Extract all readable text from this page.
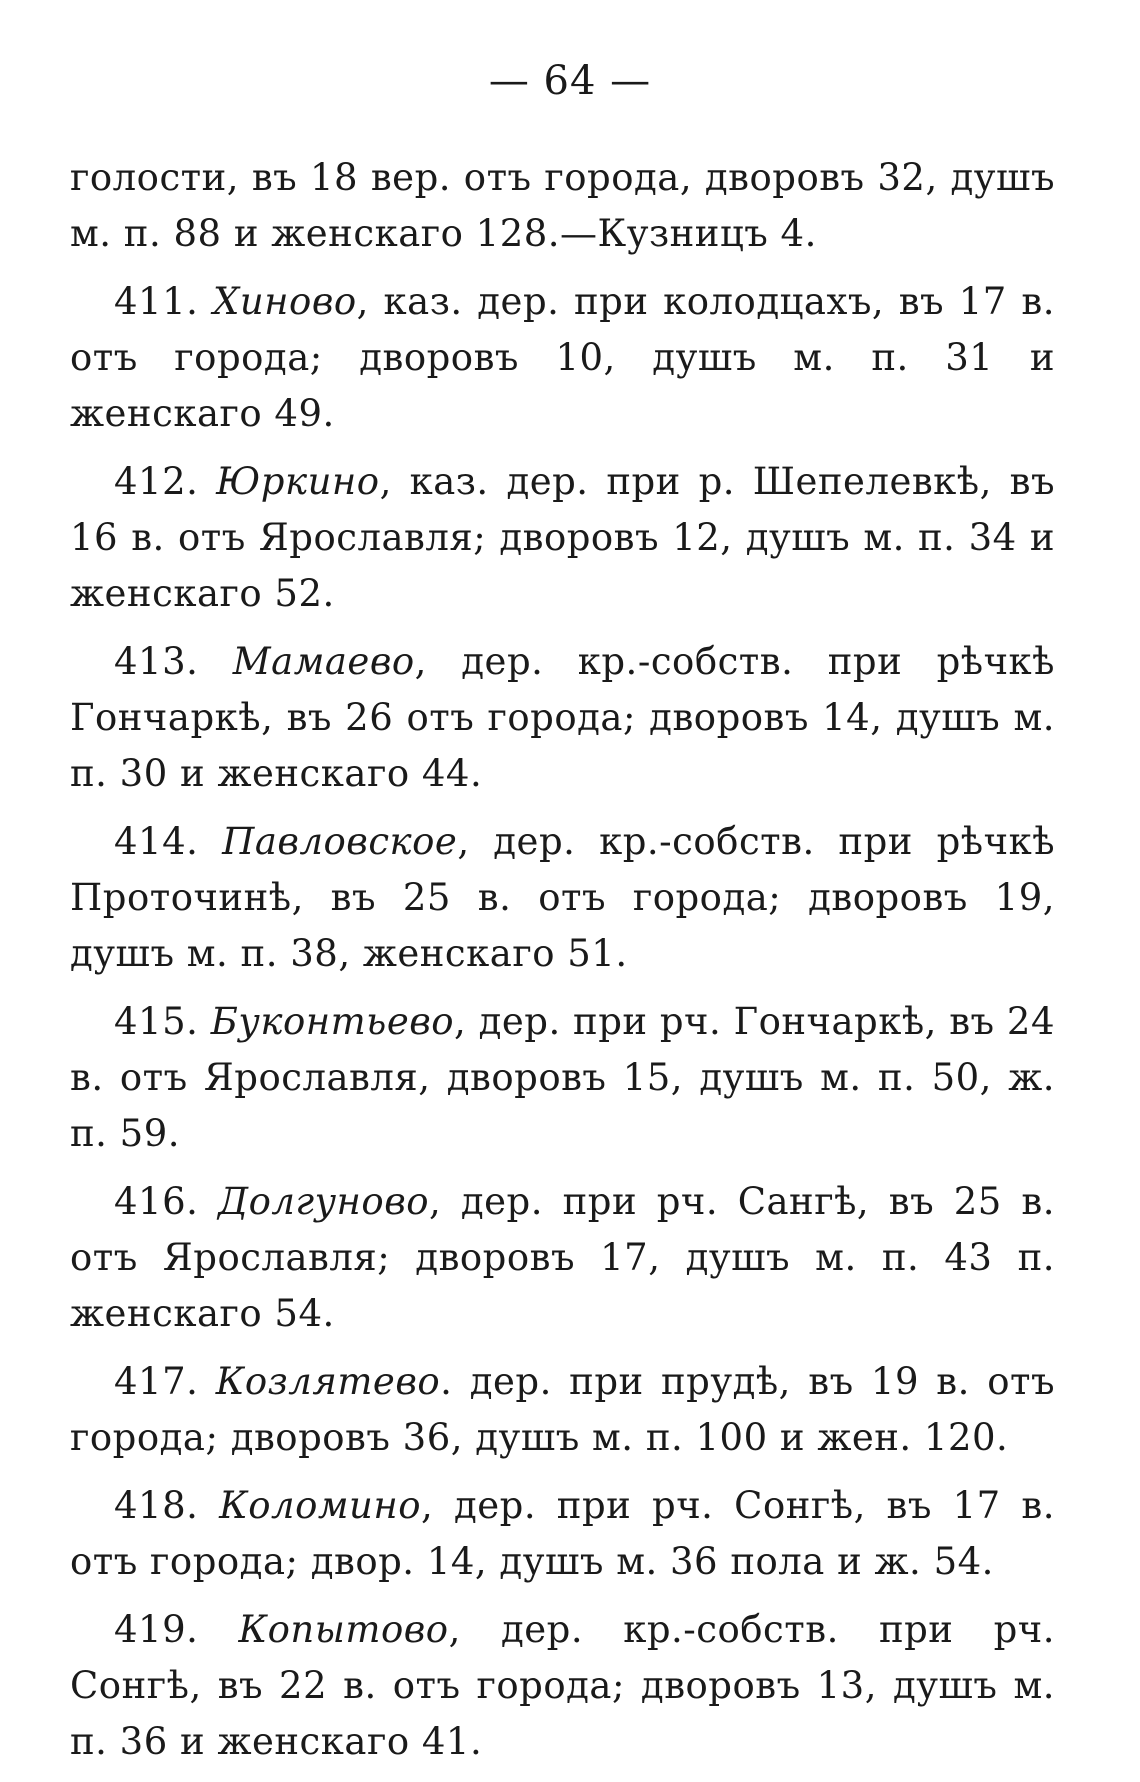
— 64 —

голости, въ 18 вер. отъ города, дворовъ 32, душъ м. п. 88 и женскаго 128.—Кузницъ 4.

411. Хиново, каз. дер. при колодцахъ, въ 17 в. отъ города; дворовъ 10, душъ м. п. 31 и женскаго 49.

412. Юркино, каз. дер. при р. Шепелевкѣ, въ 16 в. отъ Ярославля; дворовъ 12, душъ м. п. 34 и женскаго 52.

413. Мамаево, дер. кр.-собств. при рѣчкѣ Гончаркѣ, въ 26 отъ города; дворовъ 14, душъ м. п. 30 и женскаго 44.

414. Павловское, дер. кр.-собств. при рѣчкѣ Проточинѣ, въ 25 в. отъ города; дворовъ 19, душъ м. п. 38, женскаго 51.

415. Буконтьево, дер. при рч. Гончаркѣ, въ 24 в. отъ Ярославля, дворовъ 15, душъ м. п. 50, ж. п. 59.

416. Долгуново, дер. при рч. Сангѣ, въ 25 в. отъ Ярославля; дворовъ 17, душъ м. п. 43 п. женскаго 54.

417. Козлятево. дер. при прудѣ, въ 19 в. отъ города; дворовъ 36, душъ м. п. 100 и жен. 120.

418. Коломино, дер. при рч. Сонгѣ, въ 17 в. отъ города; двор. 14, душъ м. 36 пола и ж. 54.

419. Копытово, дер. кр.-собств. при рч. Сонгѣ, въ 22 в. отъ города; дворовъ 13, душъ м. п. 36 и женскаго 41.
